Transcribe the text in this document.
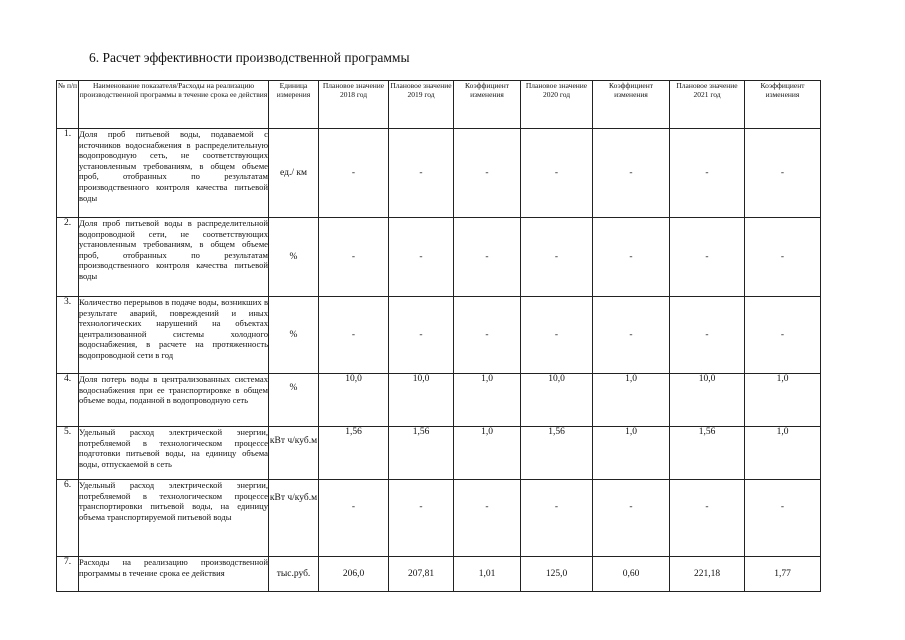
6. Расчет эффективности производственной программы
№ п/п	Наименование показателя/Расходы на реализацию производственной программы в течение срока ее действия	Единица измерения	Плановое значение 2018 год	Плановое значение 2019 год	Коэффициент изменения	Плановое значение 2020 год	Коэффициент изменения	Плановое значение 2021 год	Коэффициент изменения
1.	Доля проб питьевой воды, подаваемой с источников водоснабжения в распределительную водопроводную сеть, не соответствующих установленным требованиям, в общем объеме проб, отобранных по результатам производственного контроля качества питьевой воды	ед./ км	-	-	-	-	-	-	-
2.	Доля проб питьевой воды в распределительной водопроводной сети, не соответствующих установленным требованиям, в общем объеме проб, отобранных по результатам производственного контроля качества питьевой воды	%	-	-	-	-	-	-	-
3.	Количество перерывов в подаче воды, возникших в результате аварий, повреждений и иных технологических нарушений на объектах централизованной системы холодного водоснабжения, в расчете на протяженность водопроводной сети в год	%	-	-	-	-	-	-	-
4.	Доля потерь воды в централизованных системах водоснабжения при ее транспортировке в общем объеме воды, поданной в водопроводную сеть	%	10,0	10,0	1,0	10,0	1,0	10,0	1,0
5.	Удельный расход электрической энергии, потребляемой в технологическом процессе подготовки питьевой воды, на единицу объема воды, отпускаемой в сеть	кВт ч/куб.м	1,56	1,56	1,0	1,56	1,0	1,56	1,0
6.	Удельный расход электрической энергии, потребляемой в технологическом процессе транспортировки питьевой воды, на единицу объема транспортируемой питьевой воды	кВт ч/куб.м	-	-	-	-	-	-	-
7.	Расходы на реализацию производственной программы в течение срока ее действия	тыс.руб.	206,0	207,81	1,01	125,0	0,60	221,18	1,77
